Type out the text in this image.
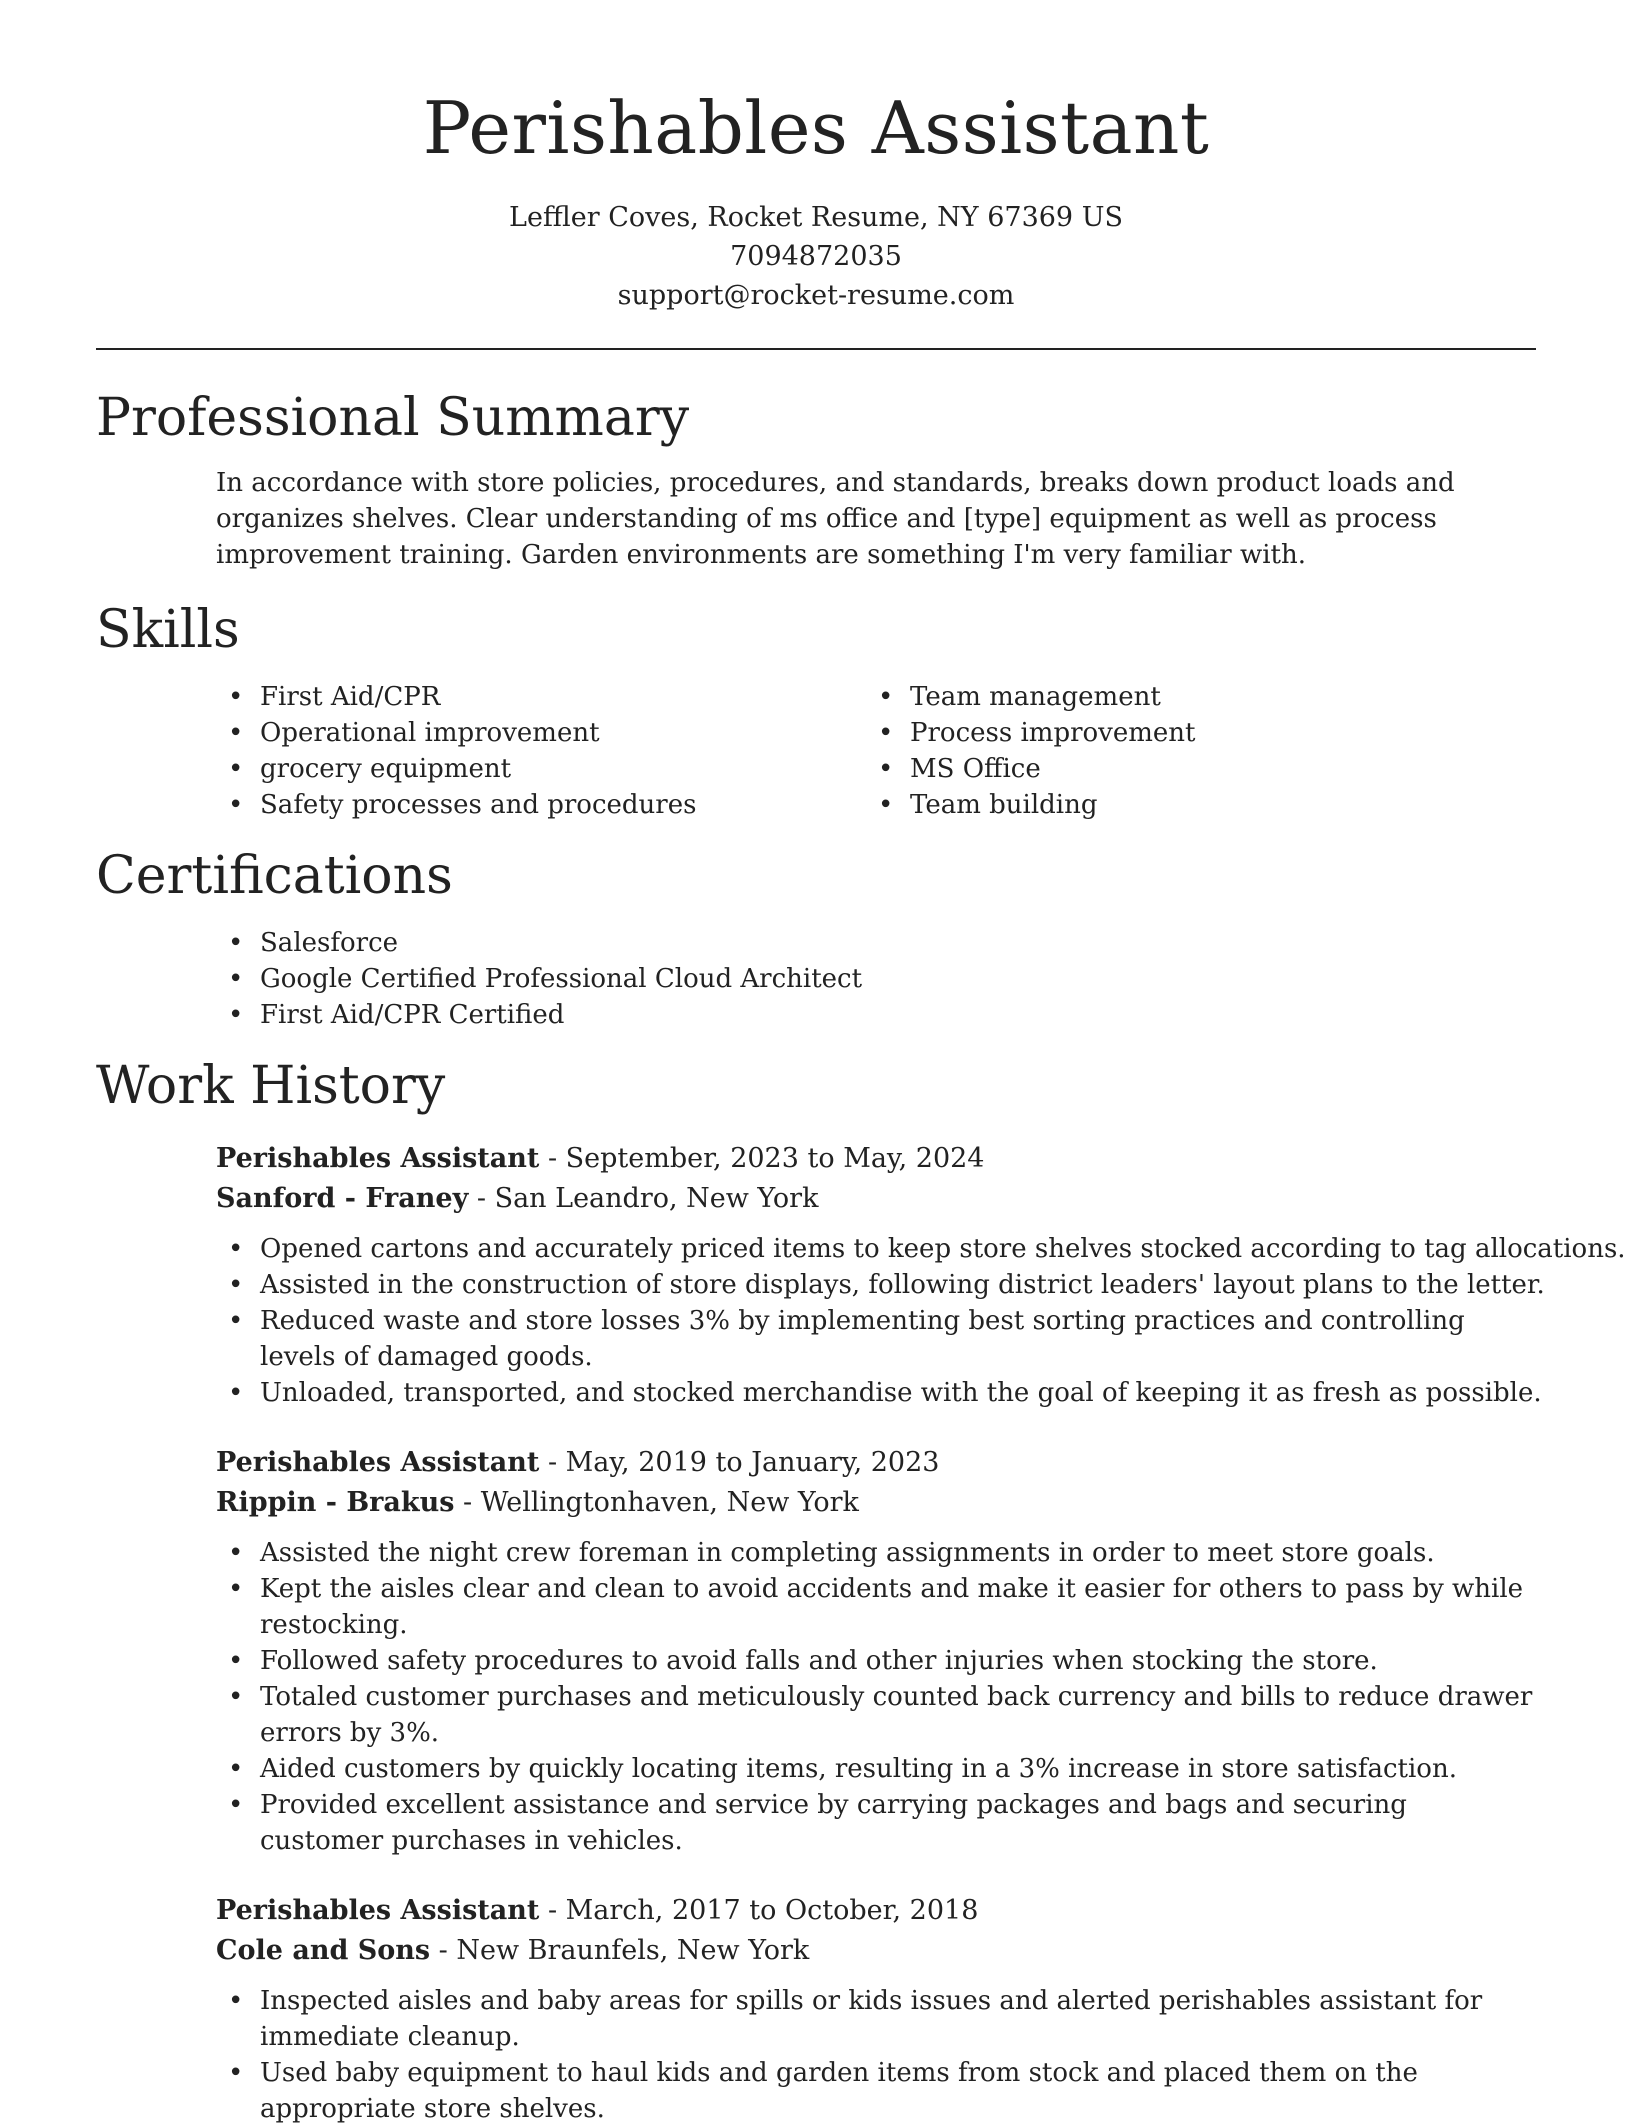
Perishables Assistant
Leffler Coves, Rocket Resume, NY 67369 US
7094872035
support@rocket-resume.com
Professional Summary

In accordance with store policies, procedures, and standards, breaks down product loads and organizes shelves. Clear understanding of ms office and [type] equipment as well as process improvement training. Garden environments are something I'm very familiar with.

Skills
• First Aid/CPR
• Operational improvement
• grocery equipment
• Safety processes and procedures
• Team management
• Process improvement
• MS Office
• Team building
Certifications
• Salesforce
• Google Certified Professional Cloud Architect
• First Aid/CPR Certified
Work History
Perishables Assistant - September, 2023 to May, 2024
Sanford - Franey - San Leandro, New York
• Opened cartons and accurately priced items to keep store shelves stocked according to tag allocations.
• Assisted in the construction of store displays, following district leaders' layout plans to the letter.
• Reduced waste and store losses 3% by implementing best sorting practices and controlling levels of damaged goods.
• Unloaded, transported, and stocked merchandise with the goal of keeping it as fresh as possible.
Perishables Assistant - May, 2019 to January, 2023
Rippin - Brakus - Wellingtonhaven, New York
• Assisted the night crew foreman in completing assignments in order to meet store goals.
• Kept the aisles clear and clean to avoid accidents and make it easier for others to pass by while restocking.
• Followed safety procedures to avoid falls and other injuries when stocking the store.
• Totaled customer purchases and meticulously counted back currency and bills to reduce drawer errors by 3%.
• Aided customers by quickly locating items, resulting in a 3% increase in store satisfaction.
• Provided excellent assistance and service by carrying packages and bags and securing customer purchases in vehicles.
Perishables Assistant - March, 2017 to October, 2018
Cole and Sons - New Braunfels, New York
• Inspected aisles and baby areas for spills or kids issues and alerted perishables assistant for immediate cleanup.
• Used baby equipment to haul kids and garden items from stock and placed them on the appropriate store shelves.
